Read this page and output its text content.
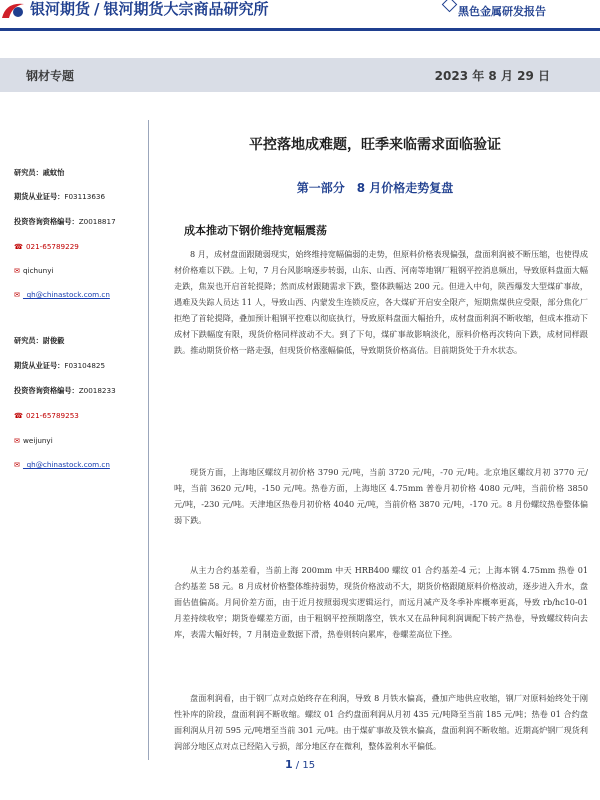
银河期货 / 银河期货大宗商品研究所	黑色金属研发报告
钢材专题	2023 年 8 月 29 日
研究员：戚蚊怡
期货从业证号：F03113636
投资咨询资格编号：Z0018817
☎ 021-65789229
✉ qichunyi
✉ _qh@chinastock.com.cn
研究员：尉俊毅
期货从业证号：F03104825
投资咨询资格编号：Z0018233
☎ 021-65789253
✉ weijunyi
✉ _qh@chinastock.com.cn
平控落地成难题，旺季来临需求面临验证
第一部分　8 月价格走势复盘
成本推动下钢价维持宽幅震荡

8 月，成材盘面跟随弱现实，始终维持宽幅偏弱的走势，但原料价格表现偏强，盘面利润被不断压缩，也使得成材价格难以下跌。上旬，7 月台风影响逐步转弱，山东、山西、河南等地钢厂粗钢平控消息频出，导致原料盘面大幅走跌，焦炭也开启首轮提降；然而成材跟随需求下跌，整体跌幅达 200 元。但进入中旬，陕西爆发大型煤矿事故，遇难及失踪人员达 11 人，导致山西、内蒙发生连锁反应，各大煤矿开启安全限产，短期焦煤供应受限，部分焦化厂拒绝了首轮提降，叠加预计粗钢平控难以彻底执行，导致原料盘面大幅抬升，成材盘面利润不断收缩，但成本推动下成材下跌幅度有限，现货价格同样波动不大。到了下旬，煤矿事故影响淡化，原料价格再次转向下跌，成材同样跟跌。推动期货价格一路走强，但现货价格涨幅偏低，导致期货价格高估。目前期货处于升水状态。

现货方面，上海地区螺纹月初价格 3790 元/吨，当前 3720 元/吨，-70 元/吨。北京地区螺纹月初 3770 元/吨，当前 3620 元/吨，-150 元/吨。热卷方面，上海地区 4.75mm 普卷月初价格 4080 元/吨，当前价格 3850 元/吨，-230 元/吨。天津地区热卷月初价格 4040 元/吨，当前价格 3870 元/吨，-170 元。8 月份螺纹热卷整体偏弱下跌。

从主力合约基差看，当前上海 200mm 中天 HRB400 螺纹 01 合约基差-4 元；上海本钢 4.75mm 热卷 01 合约基差 58 元。8 月成材价格整体维持弱势，现货价格波动不大，期货价格跟随原料价格波动，逐步进入升水，盘面估值偏高。月间价差方面，由于近月按照弱现实逻辑运行，而远月减产及冬季补库概率更高，导致 rb/hc10-01 月差持续收窄；期货卷螺差方面，由于粗钢平控预期落空，铁水又在品种间利润调配下转产热卷，导致螺纹转向去库，表需大幅好转，7 月制造业数据下滑，热卷则转向累库，卷螺差高位下挫。

盘面利润看，由于钢厂点对点始终存在利润，导致 8 月铁水偏高，叠加产地供应收缩，钢厂对原料始终处于刚性补库的阶段，盘面利润不断收缩。螺纹 01 合约盘面利润从月初 435 元/吨降至当前 185 元/吨；热卷 01 合约盘面利润从月初 595 元/吨增至当前 301 元/吨。由于煤矿事故及铁水偏高，盘面利润不断收缩。近期高炉钢厂现货利润部分地区点对点已经陷入亏损，部分地区存在微利，整体盈利水平偏低。

1 / 15
